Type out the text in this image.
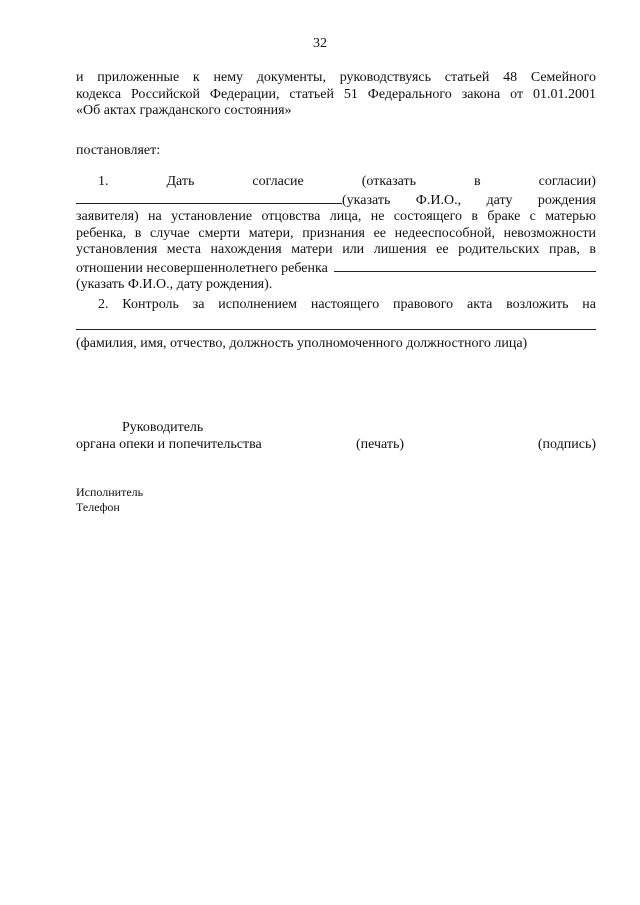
32

и приложенные к нему документы, руководствуясь статьей 48 Семейного

кодекса Российской Федерации, статьей 51 Федерального закона от 01.01.2001

«Об актах гражданского состояния»

постановляет:

1.	Дать	согласие	(отказать	в	согласии)
(указать Ф.И.О., дату рождения

заявителя) на установление отцовства лица, не состоящего в браке с матерью

ребенка, в случае смерти матери, признания ее недееспособной, невозможности

установления места нахождения матери или лишения ее родительских прав, в

отношении несовершеннолетнего ребенка

(указать Ф.И.О., дату рождения).

2. Контроль за исполнением настоящего правового акта возложить на

(фамилия, имя, отчество, должность уполномоченного должностного лица)

Руководитель
органа опеки и попечительства	(печать)	(подпись)
Исполнитель
Телефон
